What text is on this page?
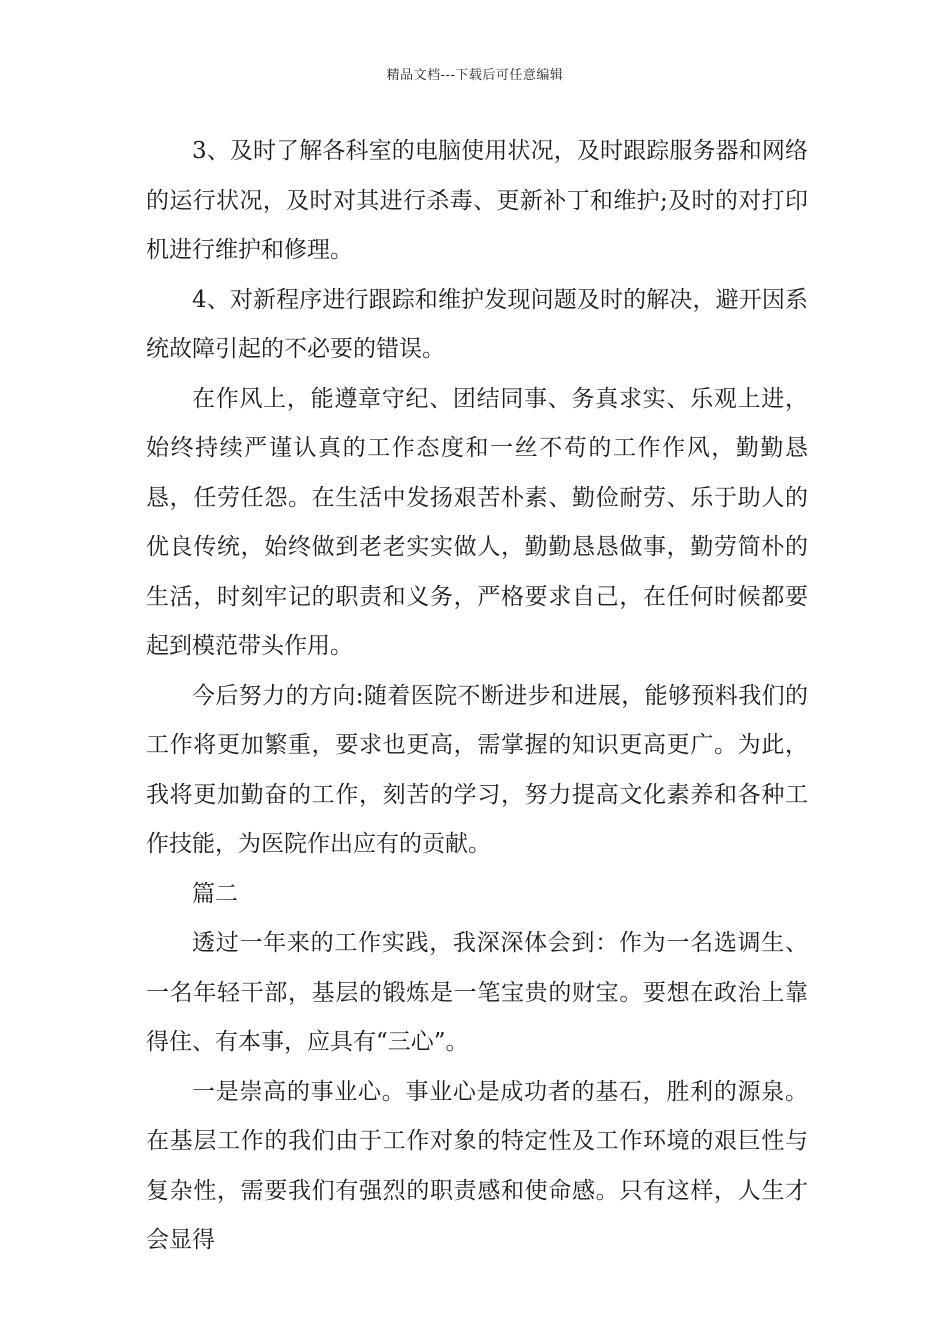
精品文档---下载后可任意编辑

3、及时了解各科室的电脑使用状况，及时跟踪服务器和网络的运行状况，及时对其进行杀毒、更新补丁和维护;及时的对打印机进行维护和修理。

4、对新程序进行跟踪和维护发现问题及时的解决，避开因系统故障引起的不必要的错误。

在作风上，能遵章守纪、团结同事、务真求实、乐观上进，始终持续严谨认真的工作态度和一丝不苟的工作作风，勤勤恳恳，任劳任怨。在生活中发扬艰苦朴素、勤俭耐劳、乐于助人的优良传统，始终做到老老实实做人，勤勤恳恳做事，勤劳简朴的生活，时刻牢记的职责和义务，严格要求自己，在任何时候都要起到模范带头作用。

今后努力的方向:随着医院不断进步和进展，能够预料我们的工作将更加繁重，要求也更高，需掌握的知识更高更广。为此，我将更加勤奋的工作，刻苦的学习，努力提高文化素养和各种工作技能，为医院作出应有的贡献。

篇二

透过一年来的工作实践，我深深体会到：作为一名选调生、一名年轻干部，基层的锻炼是一笔宝贵的财宝。要想在政治上靠得住、有本事，应具有“三心”。

一是崇高的事业心。事业心是成功者的基石，胜利的源泉。在基层工作的我们由于工作对象的特定性及工作环境的艰巨性与复杂性，需要我们有强烈的职责感和使命感。只有这样，人生才会显得
